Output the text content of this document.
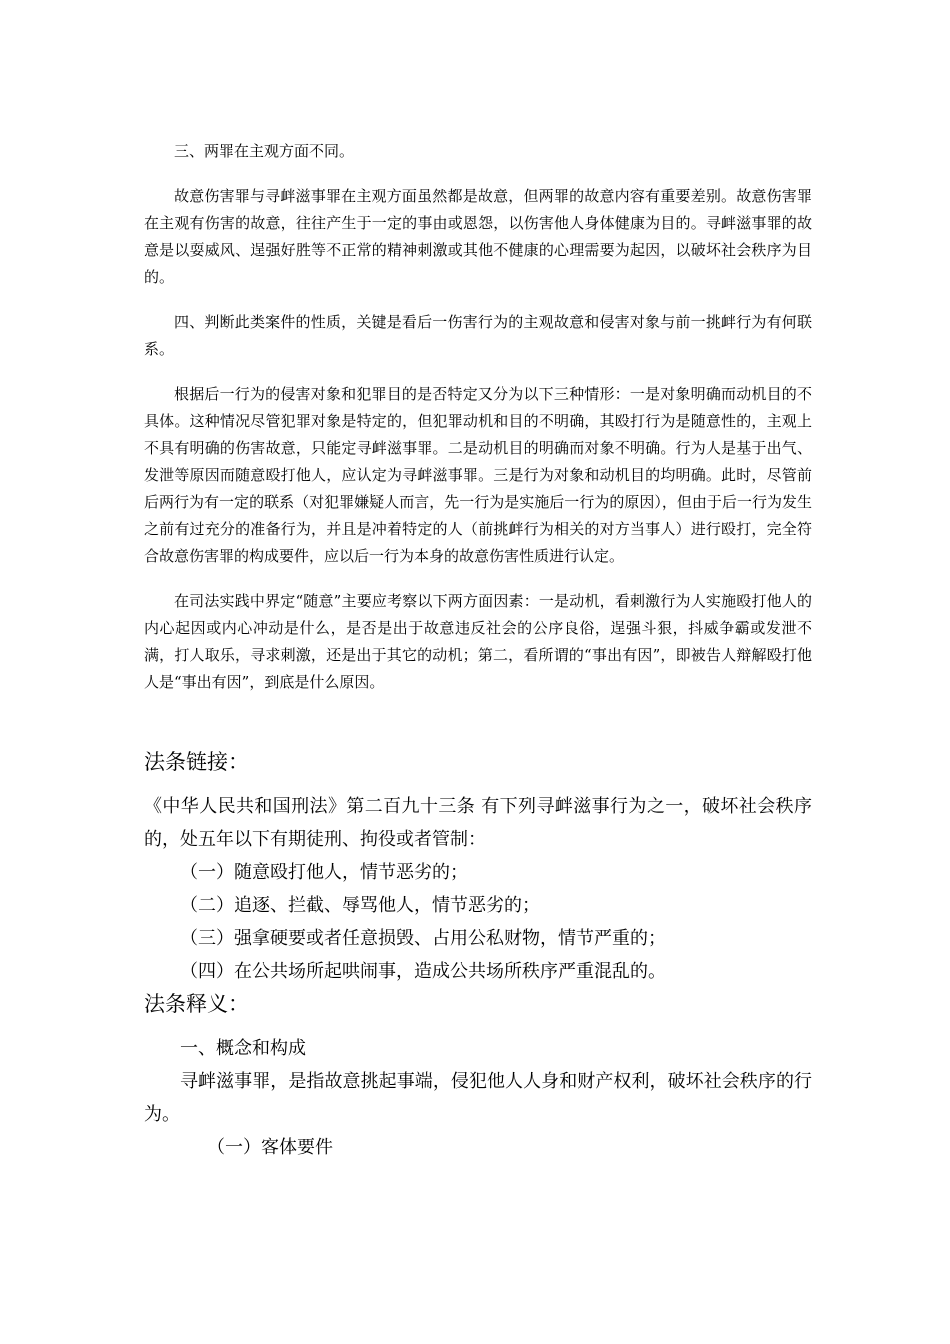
三、两罪在主观方面不同。

故意伤害罪与寻衅滋事罪在主观方面虽然都是故意，但两罪的故意内容有重要差别。故意伤害罪在主观有伤害的故意，往往产生于一定的事由或恩怨，以伤害他人身体健康为目的。寻衅滋事罪的故意是以耍威风、逞强好胜等不正常的精神刺激或其他不健康的心理需要为起因，以破坏社会秩序为目的。

四、判断此类案件的性质，关键是看后一伤害行为的主观故意和侵害对象与前一挑衅行为有何联系。

根据后一行为的侵害对象和犯罪目的是否特定又分为以下三种情形：一是对象明确而动机目的不具体。这种情况尽管犯罪对象是特定的，但犯罪动机和目的不明确，其殴打行为是随意性的，主观上不具有明确的伤害故意，只能定寻衅滋事罪。二是动机目的明确而对象不明确。行为人是基于出气、发泄等原因而随意殴打他人，应认定为寻衅滋事罪。三是行为对象和动机目的均明确。此时，尽管前后两行为有一定的联系（对犯罪嫌疑人而言，先一行为是实施后一行为的原因），但由于后一行为发生之前有过充分的准备行为，并且是冲着特定的人（前挑衅行为相关的对方当事人）进行殴打，完全符合故意伤害罪的构成要件，应以后一行为本身的故意伤害性质进行认定。

在司法实践中界定“随意”主要应考察以下两方面因素：一是动机，看刺激行为人实施殴打他人的内心起因或内心冲动是什么，是否是出于故意违反社会的公序良俗，逞强斗狠，抖威争霸或发泄不满，打人取乐，寻求刺激，还是出于其它的动机；第二，看所谓的“事出有因”，即被告人辩解殴打他人是“事出有因”，到底是什么原因。

法条链接：

《中华人民共和国刑法》第二百九十三条 有下列寻衅滋事行为之一，破坏社会秩序的，处五年以下有期徒刑、拘役或者管制：

（一）随意殴打他人，情节恶劣的；

（二）追逐、拦截、辱骂他人，情节恶劣的；

（三）强拿硬要或者任意损毁、占用公私财物，情节严重的；

（四）在公共场所起哄闹事，造成公共场所秩序严重混乱的。

法条释义：

一、概念和构成

寻衅滋事罪，是指故意挑起事端，侵犯他人人身和财产权利，破坏社会秩序的行为。

（一）客体要件
